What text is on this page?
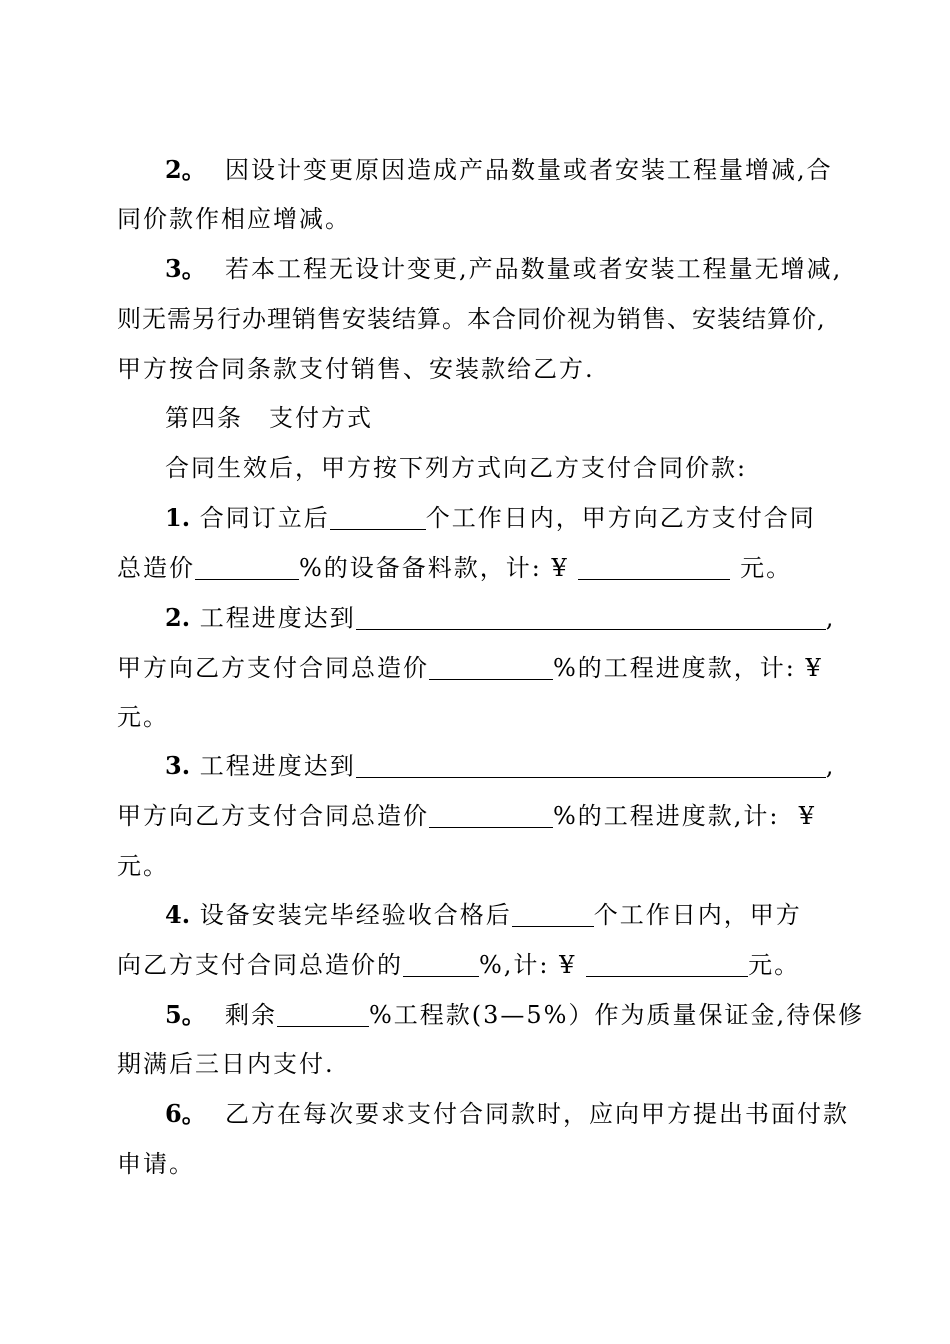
2。 因设计变更原因造成产品数量或者安装工程量增减,合
同价款作相应增减。
3。 若本工程无设计变更,产品数量或者安装工程量无增减,
则无需另行办理销售安装结算。本合同价视为销售、安装结算价,
甲方按合同条款支付销售、安装款给乙方.
第四条　支付方式
合同生效后，甲方按下列方式向乙方支付合同价款:
1. 合同订立后	个工作日内，甲方向乙方支付合同
总造价	%的设备备料款，计: ¥	元。
2. 工程进度达到	,
甲方向乙方支付合同总造价	%的工程进度款，计: ¥
元。
3. 工程进度达到	,
甲方向乙方支付合同总造价	%的工程进度款,计: ¥
元。
4. 设备安装完毕经验收合格后	个工作日内，甲方
向乙方支付合同总造价的	%,计: ¥	元。
5。 剩余	%工程款(3—5%）作为质量保证金,待保修
期满后三日内支付.
6。 乙方在每次要求支付合同款时，应向甲方提出书面付款
申请。
